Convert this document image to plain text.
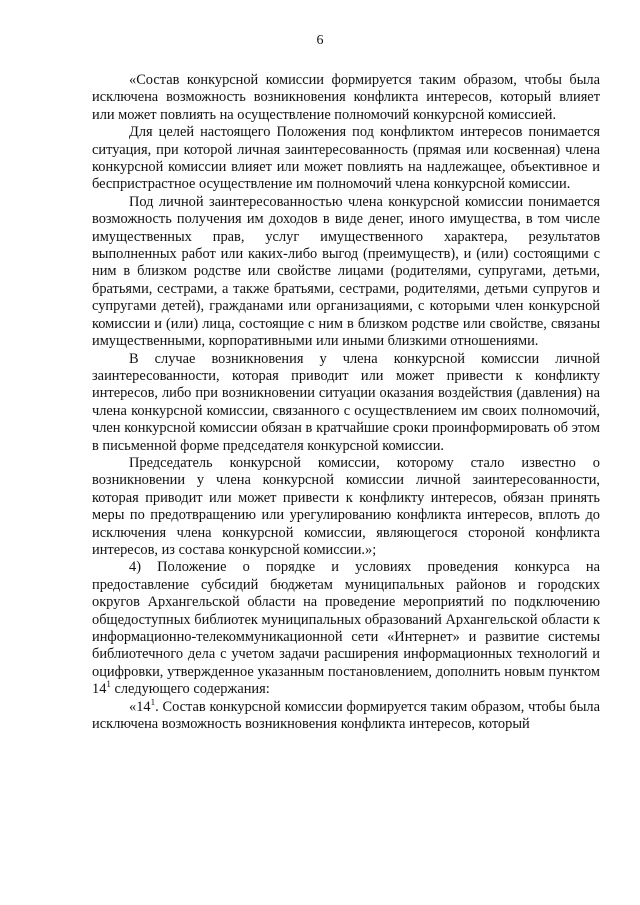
6

«Состав конкурсной комиссии формируется таким образом, чтобы была исключена возможность возникновения конфликта интересов, который влияет или может повлиять на осуществление полномочий конкурсной комиссией.

Для целей настоящего Положения под конфликтом интересов понимается ситуация, при которой личная заинтересованность (прямая или косвенная) члена конкурсной комиссии влияет или может повлиять на надлежащее, объективное и беспристрастное осуществление им полномочий члена конкурсной комиссии.

Под личной заинтересованностью члена конкурсной комиссии понимается возможность получения им доходов в виде денег, иного имущества, в том числе имущественных прав, услуг имущественного характера, результатов выполненных работ или каких-либо выгод (преимуществ), и (или) состоящими с ним в близком родстве или свойстве лицами (родителями, супругами, детьми, братьями, сестрами, а также братьями, сестрами, родителями, детьми супругов и супругами детей), гражданами или организациями, с которыми член конкурсной комиссии и (или) лица, состоящие с ним в близком родстве или свойстве, связаны имущественными, корпоративными или иными близкими отношениями.

В случае возникновения у члена конкурсной комиссии личной заинтересованности, которая приводит или может привести к конфликту интересов, либо при возникновении ситуации оказания воздействия (давления) на члена конкурсной комиссии, связанного с осуществлением им своих полномочий, член конкурсной комиссии обязан в кратчайшие сроки проинформировать об этом в письменной форме председателя конкурсной комиссии.

Председатель конкурсной комиссии, которому стало известно о возникновении у члена конкурсной комиссии личной заинтересованности, которая приводит или может привести к конфликту интересов, обязан принять меры по предотвращению или урегулированию конфликта интересов, вплоть до исключения члена конкурсной комиссии, являющегося стороной конфликта интересов, из состава конкурсной комиссии.»;

4) Положение о порядке и условиях проведения конкурса на предоставление субсидий бюджетам муниципальных районов и городских округов Архангельской области на проведение мероприятий по подключению общедоступных библиотек муниципальных образований Архангельской области к информационно-телекоммуникационной сети «Интернет» и развитие системы библиотечного дела с учетом задачи расширения информационных технологий и оцифровки, утвержденное указанным постановлением, дополнить новым пунктом $14^1$ следующего содержания:

«$14^1$. Состав конкурсной комиссии формируется таким образом, чтобы была исключена возможность возникновения конфликта интересов, который
